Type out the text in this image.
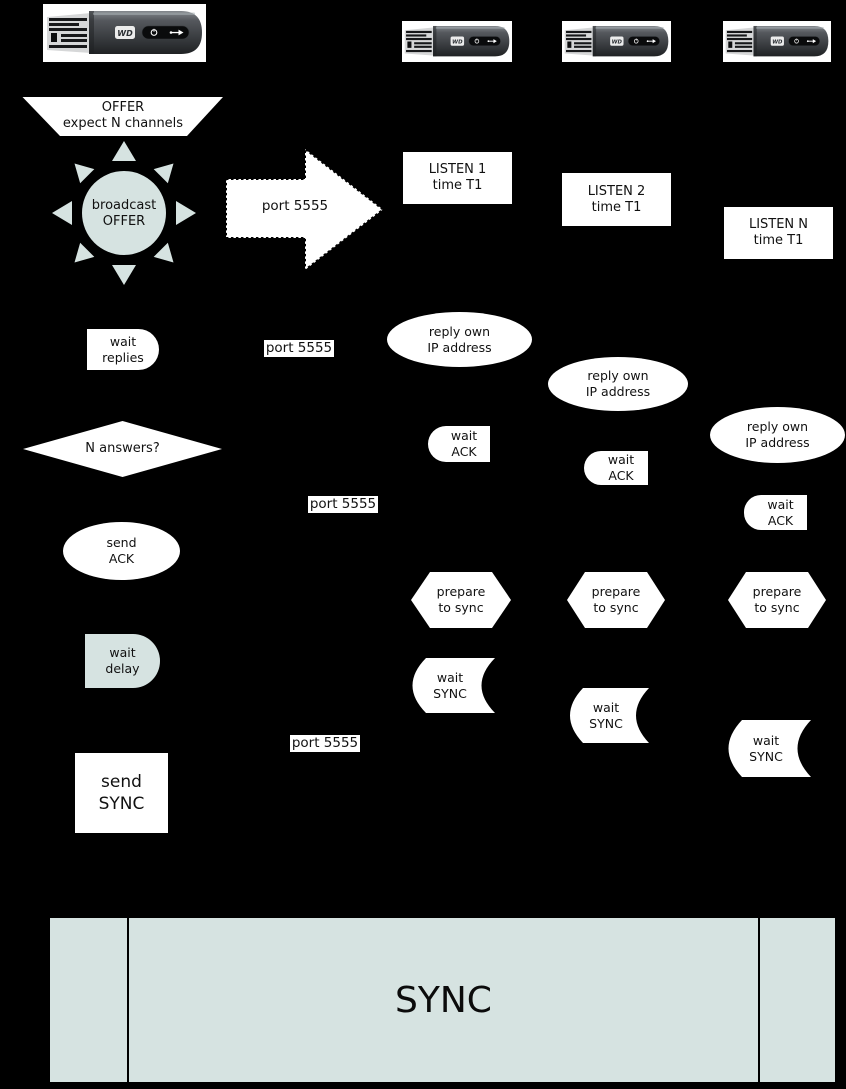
WD
WD	WD	WD
OFFER
expect N channels
broadcast
OFFER
wait
replies
N answers?
send
ACK
wait
delay
send
SYNC
port 5555
port 5555
port 5555
port 5555
LISTEN 1
time T1
reply own
IP address
wait
ACK
prepare
to sync
wait
SYNC
LISTEN 2
time T1
reply own
IP address
wait
ACK
prepare
to sync
wait
SYNC
LISTEN N
time T1
reply own
IP address
wait
ACK
prepare
to sync
wait
SYNC
SYNC
